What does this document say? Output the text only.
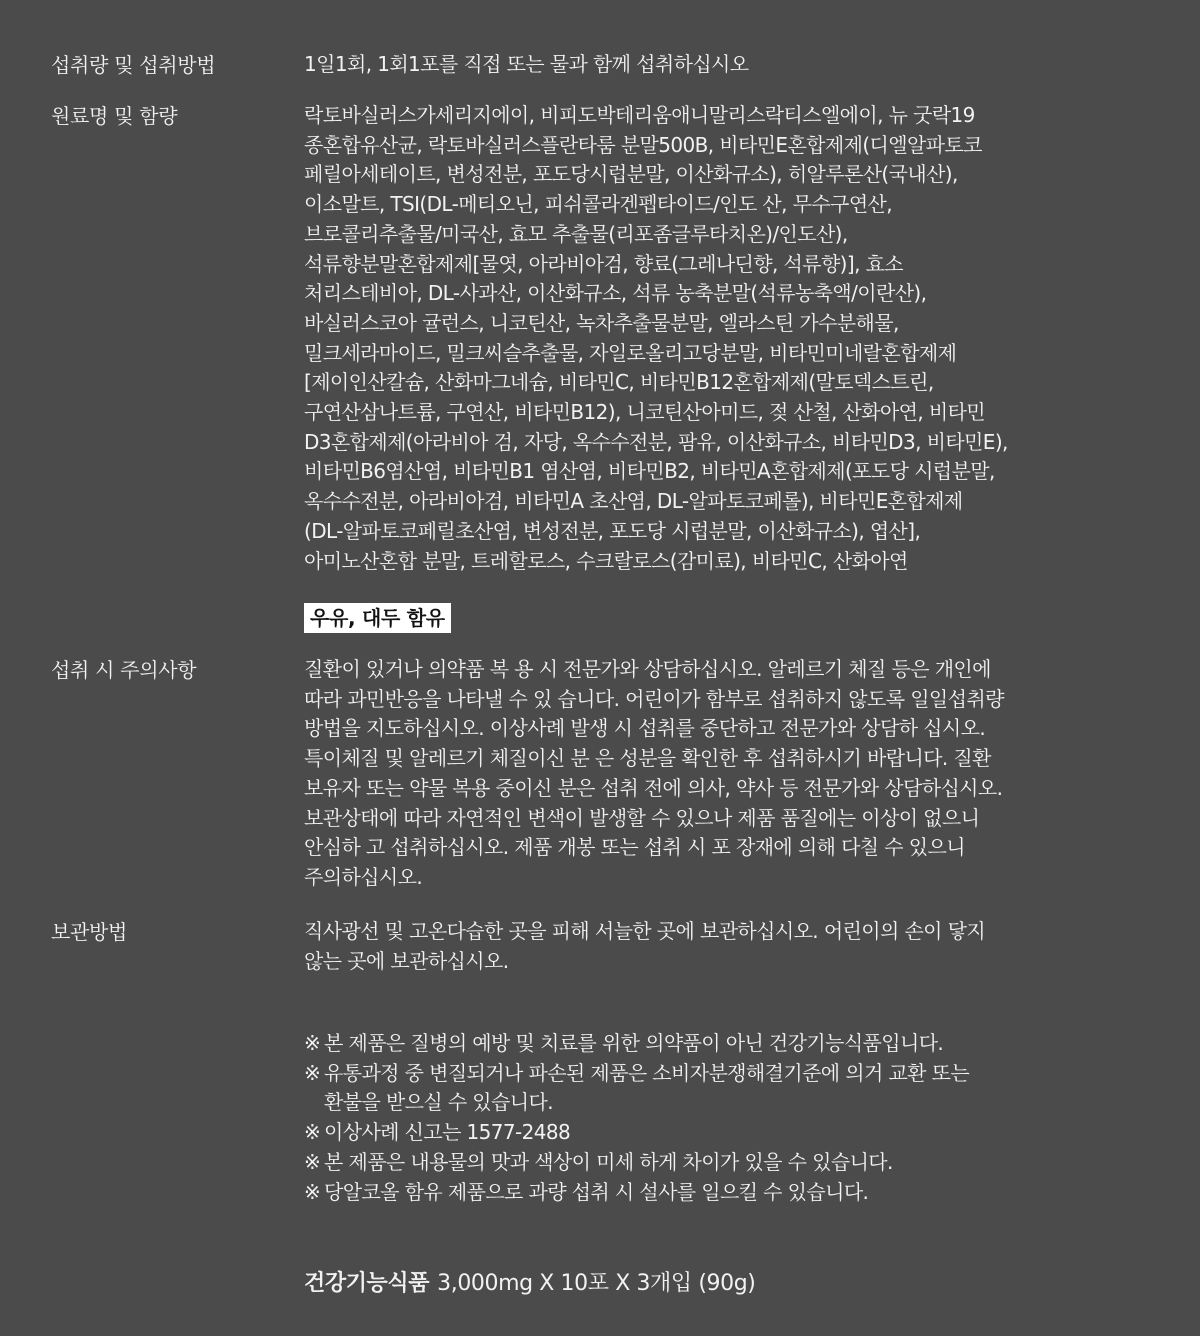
섭취량 및 섭취방법	1일1회, 1회1포를 직접 또는 물과 함께 섭취하십시오
원료명 및 함량	락토바실러스가세리지에이, 비피도박테리움애니말리스락티스엘에이, 뉴 굿락19
종혼합유산균, 락토바실러스플란타룸 분말500B, 비타민E혼합제제(디엘알파토코
페릴아세테이트, 변성전분, 포도당시럽분말, 이산화규소), 히알루론산(국내산),
이소말트, TSI(DL-메티오닌, 피쉬콜라겐펩타이드/인도 산, 무수구연산,
브로콜리추출물/미국산, 효모 추출물(리포좀글루타치온)/인도산),
석류향분말혼합제제[물엿, 아라비아검, 향료(그레나딘향, 석류향)], 효소
처리스테비아, DL-사과산, 이산화규소, 석류 농축분말(석류농축액/이란산),
바실러스코아 귤런스, 니코틴산, 녹차추출물분말, 엘라스틴 가수분해물,
밀크세라마이드, 밀크씨슬추출물, 자일로올리고당분말, 비타민미네랄혼합제제
[제이인산칼슘, 산화마그네슘, 비타민C, 비타민B12혼합제제(말토덱스트린,
구연산삼나트륨, 구연산, 비타민B12), 니코틴산아미드, 젖 산철, 산화아연, 비타민
D3혼합제제(아라비아 검, 자당, 옥수수전분, 팜유, 이산화규소, 비타민D3, 비타민E),
비타민B6염산염, 비타민B1 염산염, 비타민B2, 비타민A혼합제제(포도당 시럽분말,
옥수수전분, 아라비아검, 비타민A 초산염, DL-알파토코페롤), 비타민E혼합제제
(DL-알파토코페릴초산염, 변성전분, 포도당 시럽분말, 이산화규소), 엽산],
아미노산혼합 분말, 트레할로스, 수크랄로스(감미료), 비타민C, 산화아연
우유, 대두 함유
섭취 시 주의사항	질환이 있거나 의약품 복 용 시 전문가와 상담하십시오. 알레르기 체질 등은 개인에
따라 과민반응을 나타낼 수 있 습니다. 어린이가 함부로 섭취하지 않도록 일일섭취량
방법을 지도하십시오. 이상사례 발생 시 섭취를 중단하고 전문가와 상담하 십시오.
특이체질 및 알레르기 체질이신 분 은 성분을 확인한 후 섭취하시기 바랍니다. 질환
보유자 또는 약물 복용 중이신 분은 섭취 전에 의사, 약사 등 전문가와 상담하십시오.
보관상태에 따라 자연적인 변색이 발생할 수 있으나 제품 품질에는 이상이 없으니
안심하 고 섭취하십시오. 제품 개봉 또는 섭취 시 포 장재에 의해 다칠 수 있으니
주의하십시오.
보관방법	직사광선 및 고온다습한 곳을 피해 서늘한 곳에 보관하십시오. 어린이의 손이 닿지
않는 곳에 보관하십시오.
※ 본 제품은 질병의 예방 및 치료를 위한 의약품이 아닌 건강기능식품입니다.
※ 유통과정 중 변질되거나 파손된 제품은 소비자분쟁해결기준에 의거 교환 또는
환불을 받으실 수 있습니다.
※ 이상사례 신고는 1577-2488
※ 본 제품은 내용물의 맛과 색상이 미세 하게 차이가 있을 수 있습니다.
※ 당알코올 함유 제품으로 과량 섭취 시 설사를 일으킬 수 있습니다.
건강기능식품 3,000mg X 10포 X 3개입 (90g)
